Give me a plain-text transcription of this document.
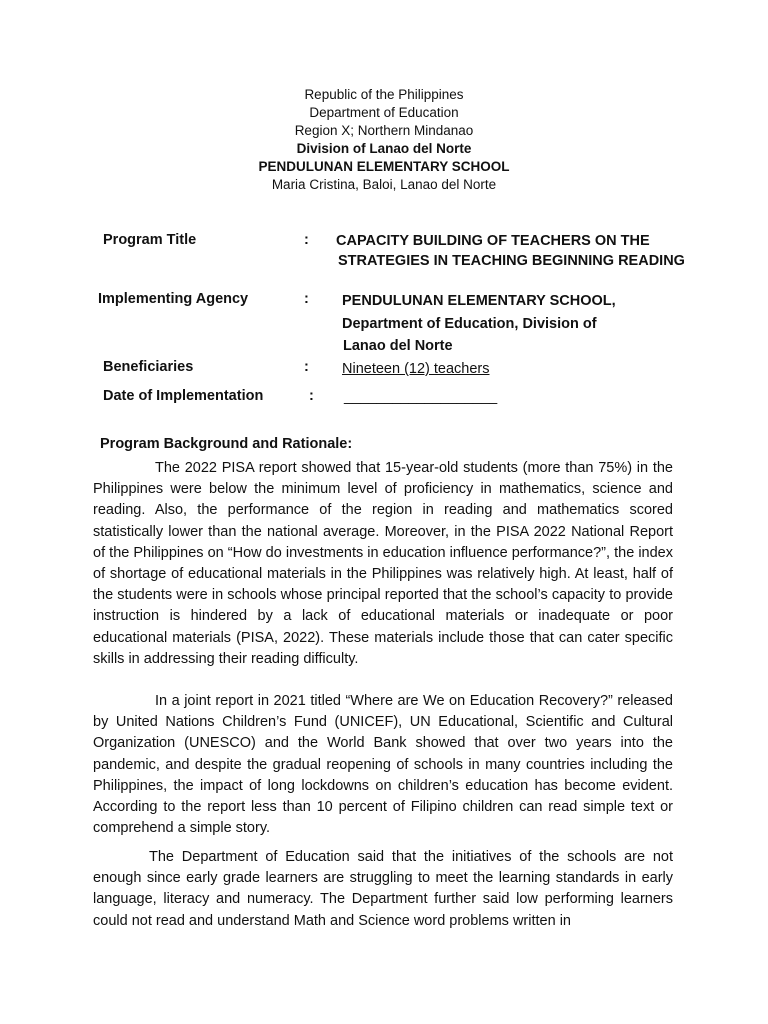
Republic of the Philippines
Department of Education
Region X; Northern Mindanao
Division of Lanao del Norte
PENDULUNAN ELEMENTARY SCHOOL
Maria Cristina, Baloi, Lanao del Norte
Program Title	: CAPACITY BUILDING OF TEACHERS ON THE
STRATEGIES IN TEACHING BEGINNING READING
Implementing Agency	: PENDULUNAN ELEMENTARY SCHOOL,
Department of Education, Division of
Lanao del Norte
Beneficiaries	: Nineteen (12) teachers
Date of Implementation	: ___________________
Program Background and Rationale:

The 2022 PISA report showed that 15-year-old students (more than 75%) in the Philippines were below the minimum level of proficiency in mathematics, science and reading. Also, the performance of the region in reading and mathematics scored statistically lower than the national average. Moreover, in the PISA 2022 National Report of the Philippines on “How do investments in education influence performance?”, the index of shortage of educational materials in the Philippines was relatively high. At least, half of the students were in schools whose principal reported that the school’s capacity to provide instruction is hindered by a lack of educational materials or inadequate or poor educational materials (PISA, 2022). These materials include those that can cater specific skills in addressing their reading difficulty.

In a joint report in 2021 titled “Where are We on Education Recovery?” released by United Nations Children’s Fund (UNICEF), UN Educational, Scientific and Cultural Organization (UNESCO) and the World Bank showed that over two years into the pandemic, and despite the gradual reopening of schools in many countries including the Philippines, the impact of long lockdowns on children’s education has become evident. According to the report less than 10 percent of Filipino children can read simple text or comprehend a simple story.

The Department of Education said that the initiatives of the schools are not enough since early grade learners are struggling to meet the learning standards in early language, literacy and numeracy. The Department further said low performing learners could not read and understand Math and Science word problems written in
